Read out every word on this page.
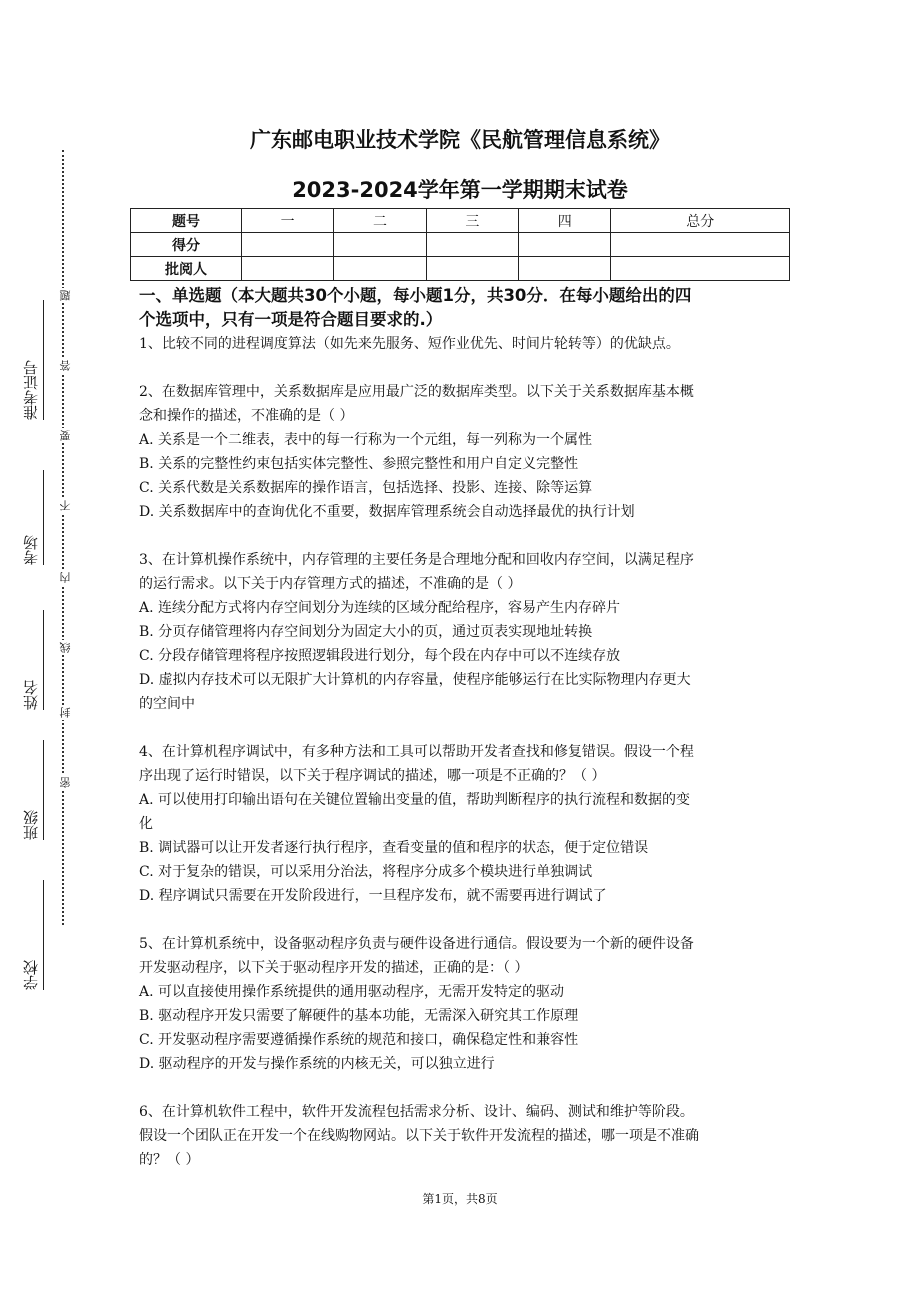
准考证号
考场
姓名
班级
学校
题
答
要
不
内
线
封
密
广东邮电职业技术学院《民航管理信息系统》
2023-2024学年第一学期期末试卷
题号	一	二	三	四	总分
得分					
批阅人					

一、单选题（本大题共30个小题，每小题1分，共30分．在每小题给出的四

个选项中，只有一项是符合题目要求的.）

1、比较不同的进程调度算法（如先来先服务、短作业优先、时间片轮转等）的优缺点。

2、在数据库管理中，关系数据库是应用最广泛的数据库类型。以下关于关系数据库基本概

念和操作的描述，不准确的是（ ）

A. 关系是一个二维表，表中的每一行称为一个元组，每一列称为一个属性

B. 关系的完整性约束包括实体完整性、参照完整性和用户自定义完整性

C. 关系代数是关系数据库的操作语言，包括选择、投影、连接、除等运算

D. 关系数据库中的查询优化不重要，数据库管理系统会自动选择最优的执行计划

3、在计算机操作系统中，内存管理的主要任务是合理地分配和回收内存空间，以满足程序

的运行需求。以下关于内存管理方式的描述，不准确的是（ ）

A. 连续分配方式将内存空间划分为连续的区域分配给程序，容易产生内存碎片

B. 分页存储管理将内存空间划分为固定大小的页，通过页表实现地址转换

C. 分段存储管理将程序按照逻辑段进行划分，每个段在内存中可以不连续存放

D. 虚拟内存技术可以无限扩大计算机的内存容量，使程序能够运行在比实际物理内存更大

的空间中

4、在计算机程序调试中，有多种方法和工具可以帮助开发者查找和修复错误。假设一个程

序出现了运行时错误，以下关于程序调试的描述，哪一项是不正确的？（ ）

A. 可以使用打印输出语句在关键位置输出变量的值，帮助判断程序的执行流程和数据的变

化

B. 调试器可以让开发者逐行执行程序，查看变量的值和程序的状态，便于定位错误

C. 对于复杂的错误，可以采用分治法，将程序分成多个模块进行单独调试

D. 程序调试只需要在开发阶段进行，一旦程序发布，就不需要再进行调试了

5、在计算机系统中，设备驱动程序负责与硬件设备进行通信。假设要为一个新的硬件设备

开发驱动程序，以下关于驱动程序开发的描述，正确的是：（ ）

A. 可以直接使用操作系统提供的通用驱动程序，无需开发特定的驱动

B. 驱动程序开发只需要了解硬件的基本功能，无需深入研究其工作原理

C. 开发驱动程序需要遵循操作系统的规范和接口，确保稳定性和兼容性

D. 驱动程序的开发与操作系统的内核无关，可以独立进行

6、在计算机软件工程中，软件开发流程包括需求分析、设计、编码、测试和维护等阶段。

假设一个团队正在开发一个在线购物网站。以下关于软件开发流程的描述，哪一项是不准确

的？（ ）

第1页，共8页
